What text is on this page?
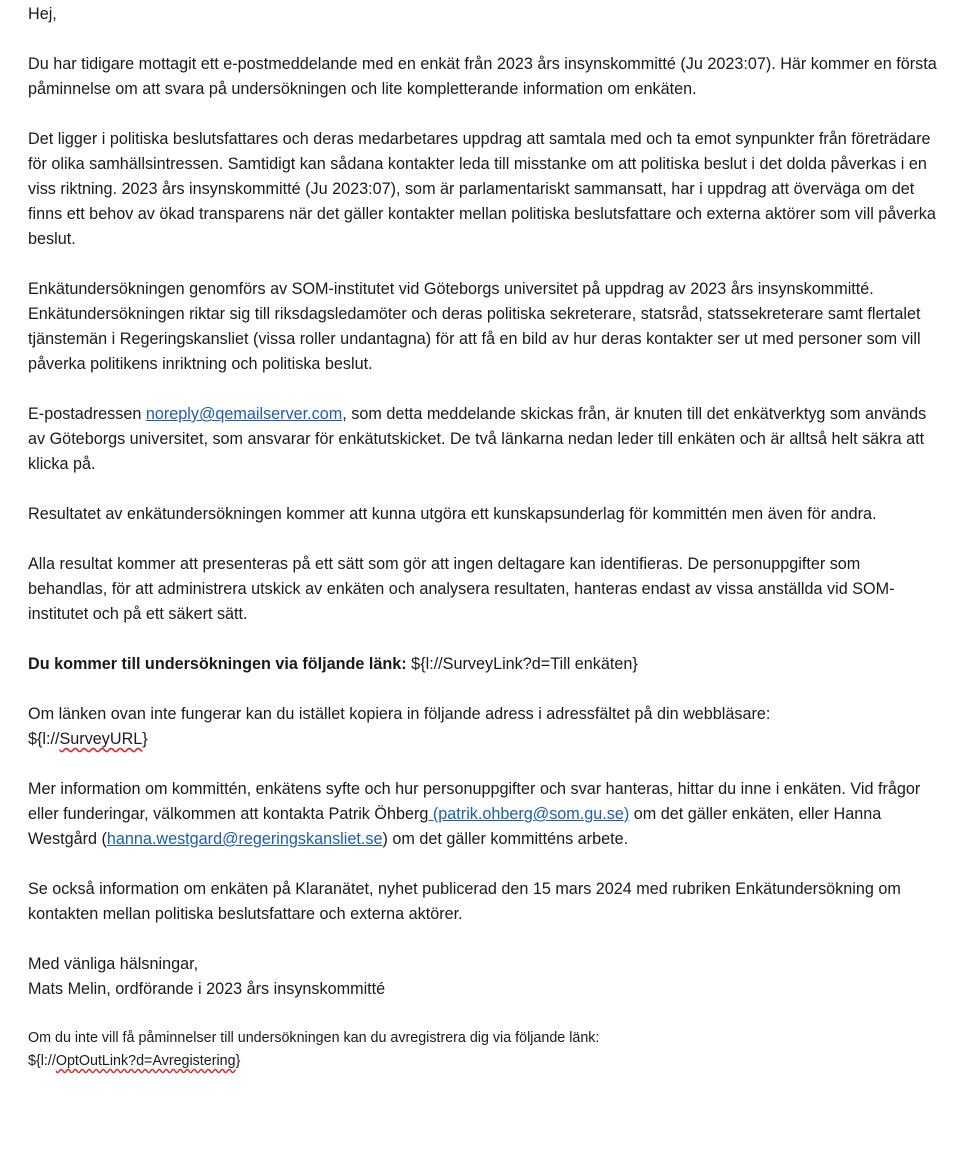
Hej,

Du har tidigare mottagit ett e-postmeddelande med en enkät från 2023 års insynskommitté (Ju 2023:07). Här kommer en första påminnelse om att svara på undersökningen och lite kompletterande information om enkäten.

Det ligger i politiska beslutsfattares och deras medarbetares uppdrag att samtala med och ta emot synpunkter från företrädare för olika samhällsintressen. Samtidigt kan sådana kontakter leda till misstanke om att politiska beslut i det dolda påverkas i en viss riktning. 2023 års insynskommitté (Ju 2023:07), som är parlamentariskt sammansatt, har i uppdrag att överväga om det finns ett behov av ökad transparens när det gäller kontakter mellan politiska beslutsfattare och externa aktörer som vill påverka beslut.

Enkätundersökningen genomförs av SOM-institutet vid Göteborgs universitet på uppdrag av 2023 års insynskommitté. Enkätundersökningen riktar sig till riksdagsledamöter och deras politiska sekreterare, statsråd, statssekreterare samt flertalet tjänstemän i Regeringskansliet (vissa roller undantagna) för att få en bild av hur deras kontakter ser ut med personer som vill påverka politikens inriktning och politiska beslut.

E-postadressen noreply@qemailserver.com, som detta meddelande skickas från, är knuten till det enkätverktyg som används av Göteborgs universitet, som ansvarar för enkätutskicket. De två länkarna nedan leder till enkäten och är alltså helt säkra att klicka på.

Resultatet av enkätundersökningen kommer att kunna utgöra ett kunskapsunderlag för kommittén men även för andra.

Alla resultat kommer att presenteras på ett sätt som gör att ingen deltagare kan identifieras. De personuppgifter som behandlas, för att administrera utskick av enkäten och analysera resultaten, hanteras endast av vissa anställda vid SOM-institutet och på ett säkert sätt.

Du kommer till undersökningen via följande länk: ${l://SurveyLink?d=Till enkäten}

Om länken ovan inte fungerar kan du istället kopiera in följande adress i adressfältet på din webbläsare:
${l://SurveyURL}

Mer information om kommittén, enkätens syfte och hur personuppgifter och svar hanteras, hittar du inne i enkäten. Vid frågor eller funderingar, välkommen att kontakta Patrik Öhberg (patrik.ohberg@som.gu.se) om det gäller enkäten, eller Hanna Westgård (hanna.westgard@regeringskansliet.se) om det gäller kommitténs arbete.

Se också information om enkäten på Klaranätet, nyhet publicerad den 15 mars 2024 med rubriken Enkätundersökning om kontakten mellan politiska beslutsfattare och externa aktörer.

Med vänliga hälsningar,

Mats Melin, ordförande i 2023 års insynskommitté

Om du inte vill få påminnelser till undersökningen kan du avregistrera dig via följande länk:
${l://OptOutLink?d=Avregistering}
